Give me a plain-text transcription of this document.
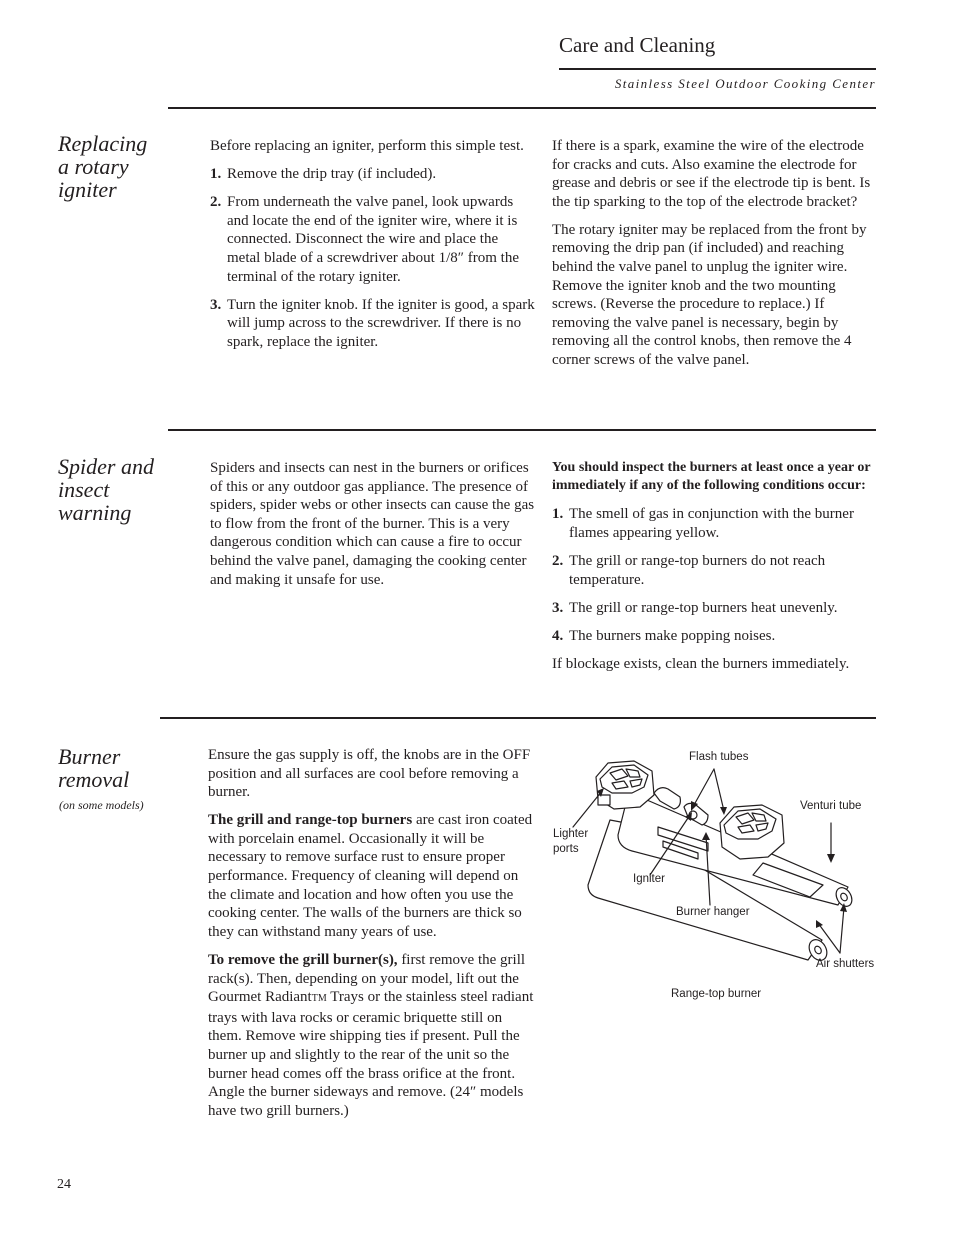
Care and Cleaning
Stainless Steel Outdoor Cooking Center
Replacing a rotary igniter

Before replacing an igniter, perform this simple test.

1. Remove the drip tray (if included).
2. From underneath the valve panel, look upwards and locate the end of the igniter wire, where it is connected. Disconnect the wire and place the metal blade of a screwdriver about 1/8″ from the terminal of the rotary igniter.
3. Turn the igniter knob. If the igniter is good, a spark will jump across to the screwdriver. If there is no spark, replace the igniter.

If there is a spark, examine the wire of the electrode for cracks and cuts. Also examine the electrode for grease and debris or see if the electrode tip is bent. Is the tip sparking to the top of the electrode bracket?

The rotary igniter may be replaced from the front by removing the drip pan (if included) and reaching behind the valve panel to unplug the igniter wire. Remove the igniter knob and the two mounting screws. (Reverse the procedure to replace.) If removing the valve panel is necessary, begin by removing all the control knobs, then remove the 4 corner screws of the valve panel.

Spider and insect warning

Spiders and insects can nest in the burners or orifices of this or any outdoor gas appliance. The presence of spiders, spider webs or other insects can cause the gas to flow from the front of the burner. This is a very dangerous condition which can cause a fire to occur behind the valve panel, damaging the cooking center and making it unsafe for use.

You should inspect the burners at least once a year or immediately if any of the following conditions occur:

1. The smell of gas in conjunction with the burner flames appearing yellow.
2. The grill or range-top burners do not reach temperature.
3. The grill or range-top burners heat unevenly.
4. The burners make popping noises.

If blockage exists, clean the burners immediately.

Burner removal
(on some models)

Ensure the gas supply is off, the knobs are in the OFF position and all surfaces are cool before removing a burner.

The grill and range-top burners are cast iron coated with porcelain enamel. Occasionally it will be necessary to remove surface rust to ensure proper performance. Frequency of cleaning will depend on the climate and location and how often you use the cooking center. The walls of the burners are thick so they can withstand many years of use.

To remove the grill burner(s), first remove the grill rack(s). Then, depending on your model, lift out the Gourmet RadiantTM Trays or the stainless steel radiant trays with lava rocks or ceramic briquette still on them. Remove wire shipping ties if present. Pull the burner up and slightly to the rear of the unit so the burner head comes off the brass orifice at the front. Angle the burner sideways and remove. (24″ models have two grill burners.)

Flash tubes
Venturi tube
Lighter
ports
Igniter
Burner hanger
Air shutters
Range-top burner
24
